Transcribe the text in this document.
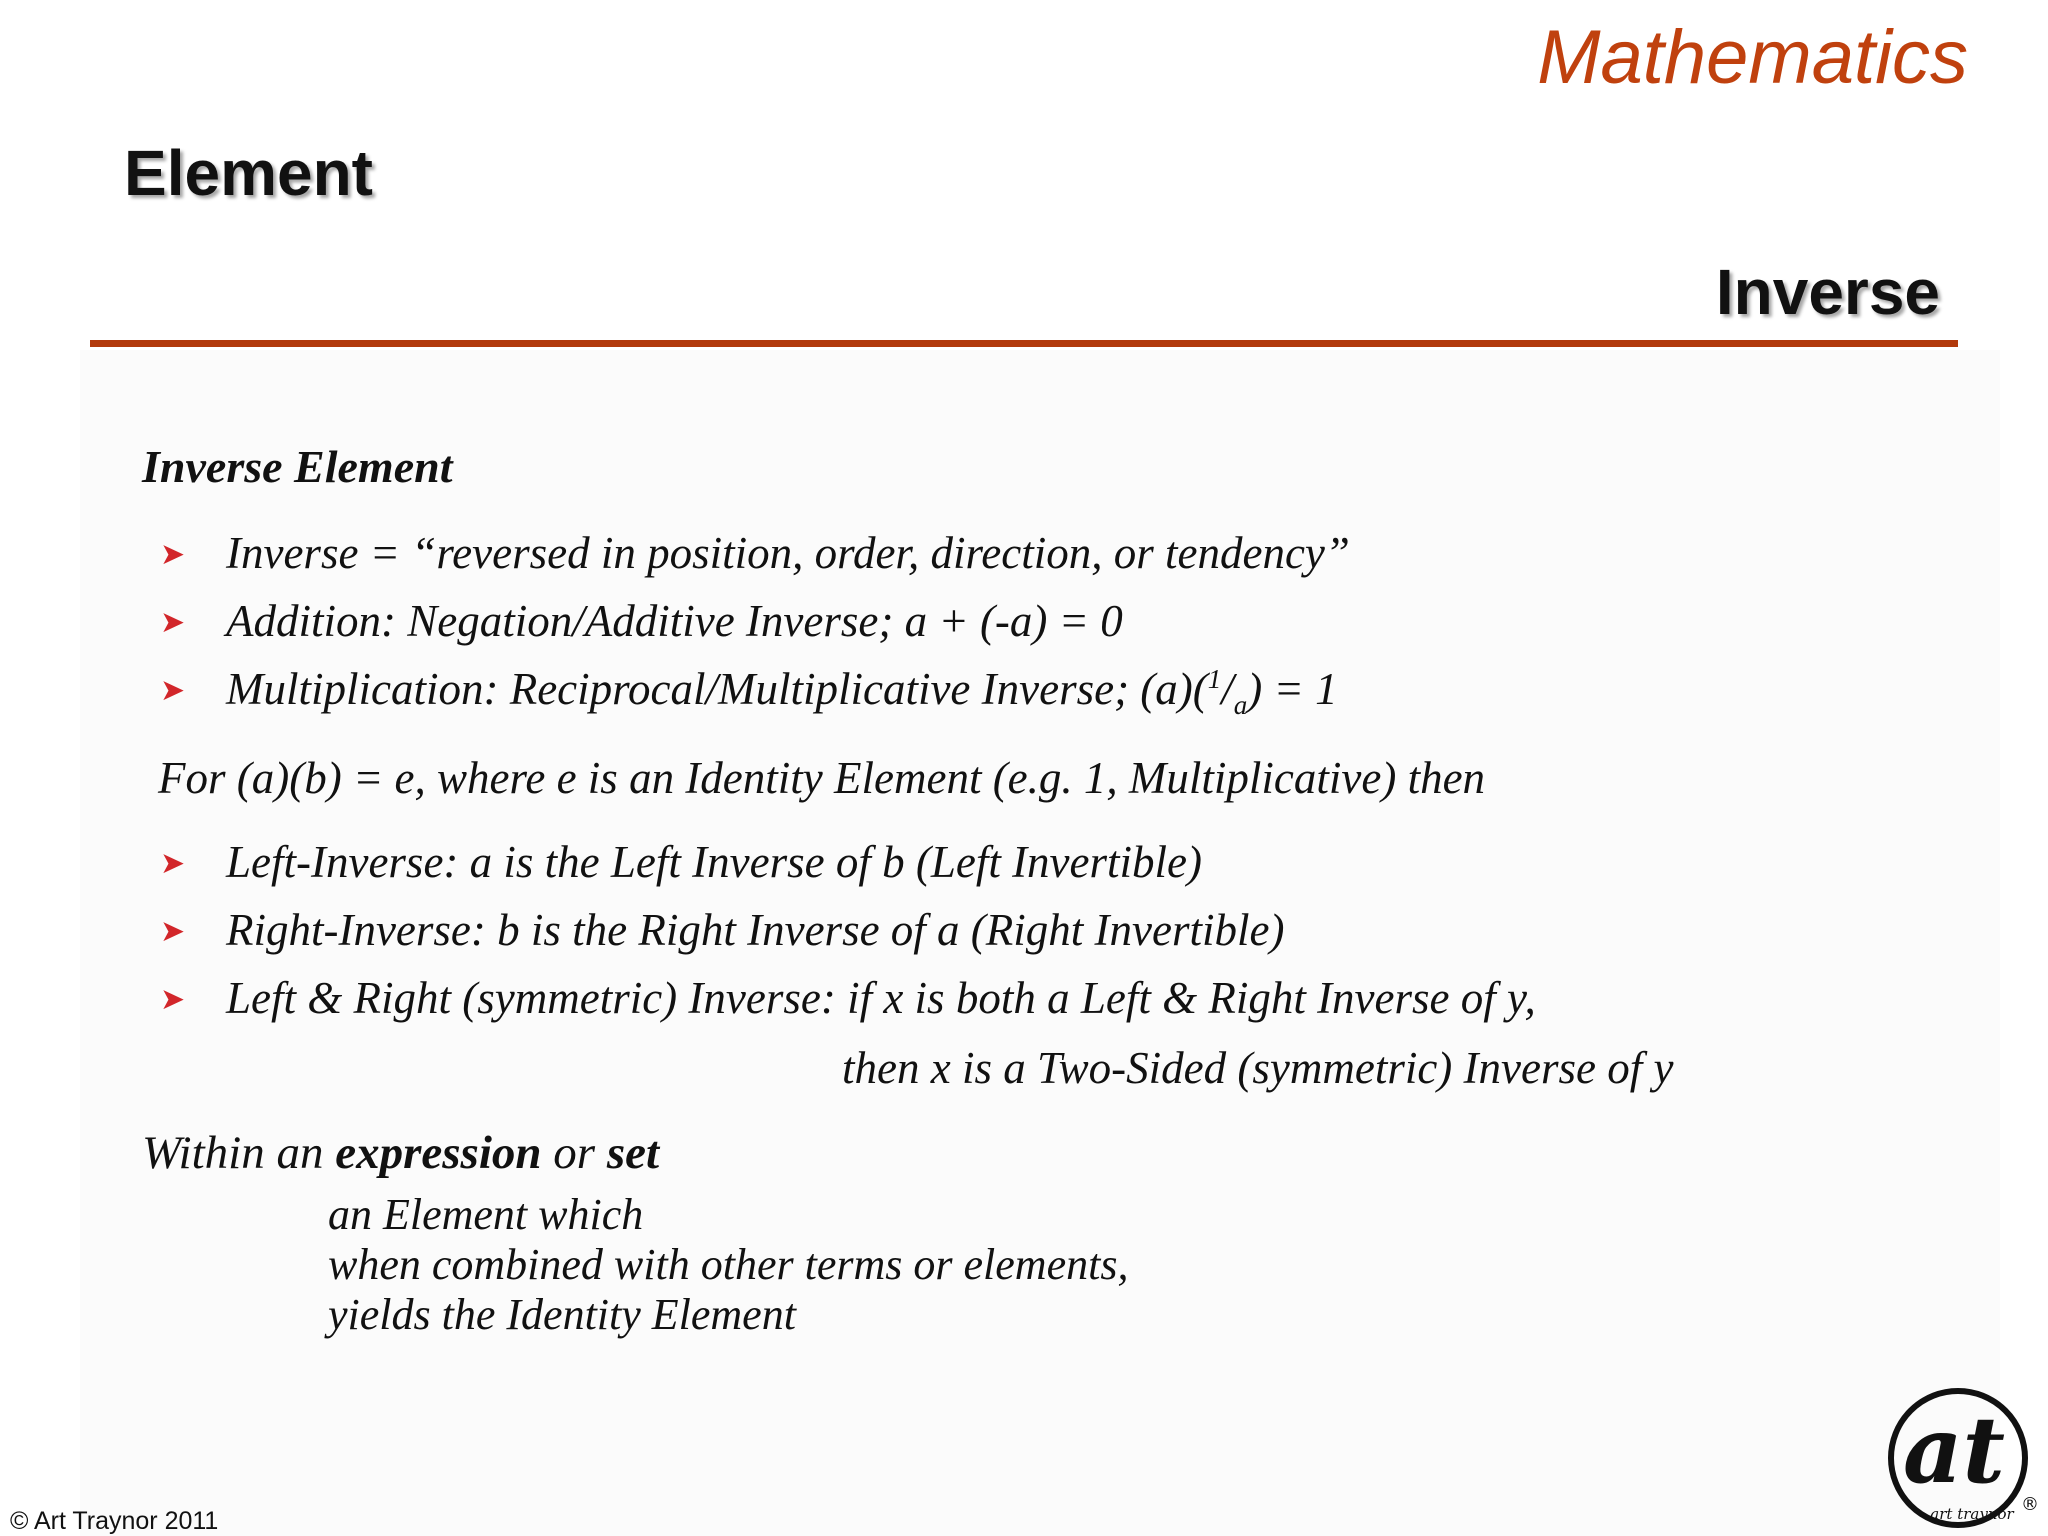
Mathematics
Element
Inverse
Inverse Element
➤ Inverse = “reversed in position, order, direction, or tendency”
➤ Addition: Negation/Additive Inverse; a + (-a) = 0
➤ Multiplication: Reciprocal/Multiplicative Inverse; $(a)(^1/_a) = 1$
For (a)(b) = e, where e is an Identity Element (e.g. 1, Multiplicative) then
➤ Left-Inverse: a is the Left Inverse of b (Left Invertible)
➤ Right-Inverse: b is the Right Inverse of a (Right Invertible)
➤ Left & Right (symmetric) Inverse: if x is both a Left & Right Inverse of y,
then x is a Two-Sided (symmetric) Inverse of y
Within an expression or set
an Element which
when combined with other terms or elements,
yields the Identity Element
© Art Traynor 2011
at
art traynor ®
